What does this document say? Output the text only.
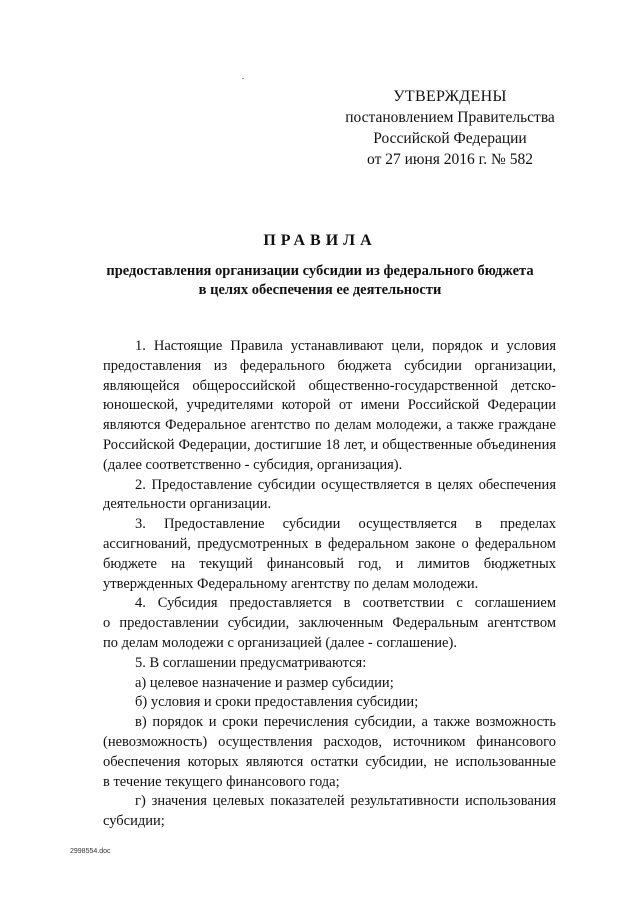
УТВЕРЖДЕНЫ
постановлением Правительства
Российской Федерации
от 27 июня 2016 г. № 582
ПРАВИЛА
предоставления организации субсидии из федерального бюджета
в целях обеспечения ее деятельности
1. Настоящие Правила устанавливают цели, порядок и условия
предоставления из федерального бюджета субсидии организации,
являющейся общероссийской общественно-государственной детско-
юношеской, учредителями которой от имени Российской Федерации
являются Федеральное агентство по делам молодежи, а также граждане
Российской Федерации, достигшие 18 лет, и общественные объединения
(далее соответственно - субсидия, организация).
2. Предоставление субсидии осуществляется в целях обеспечения
деятельности организации.
3. Предоставление субсидии осуществляется в пределах
ассигнований, предусмотренных в федеральном законе о федеральном
бюджете на текущий финансовый год, и лимитов бюджетных
утвержденных Федеральному агентству по делам молодежи.
4. Субсидия предоставляется в соответствии с соглашением
о предоставлении субсидии, заключенным Федеральным агентством
по делам молодежи с организацией (далее - соглашение).
5. В соглашении предусматриваются:
а) целевое назначение и размер субсидии;
б) условия и сроки предоставления субсидии;
в) порядок и сроки перечисления субсидии, а также возможность
(невозможность) осуществления расходов, источником финансового
обеспечения которых являются остатки субсидии, не использованные
в течение текущего финансового года;
г) значения целевых показателей результативности использования
субсидии;
2998554.doc
